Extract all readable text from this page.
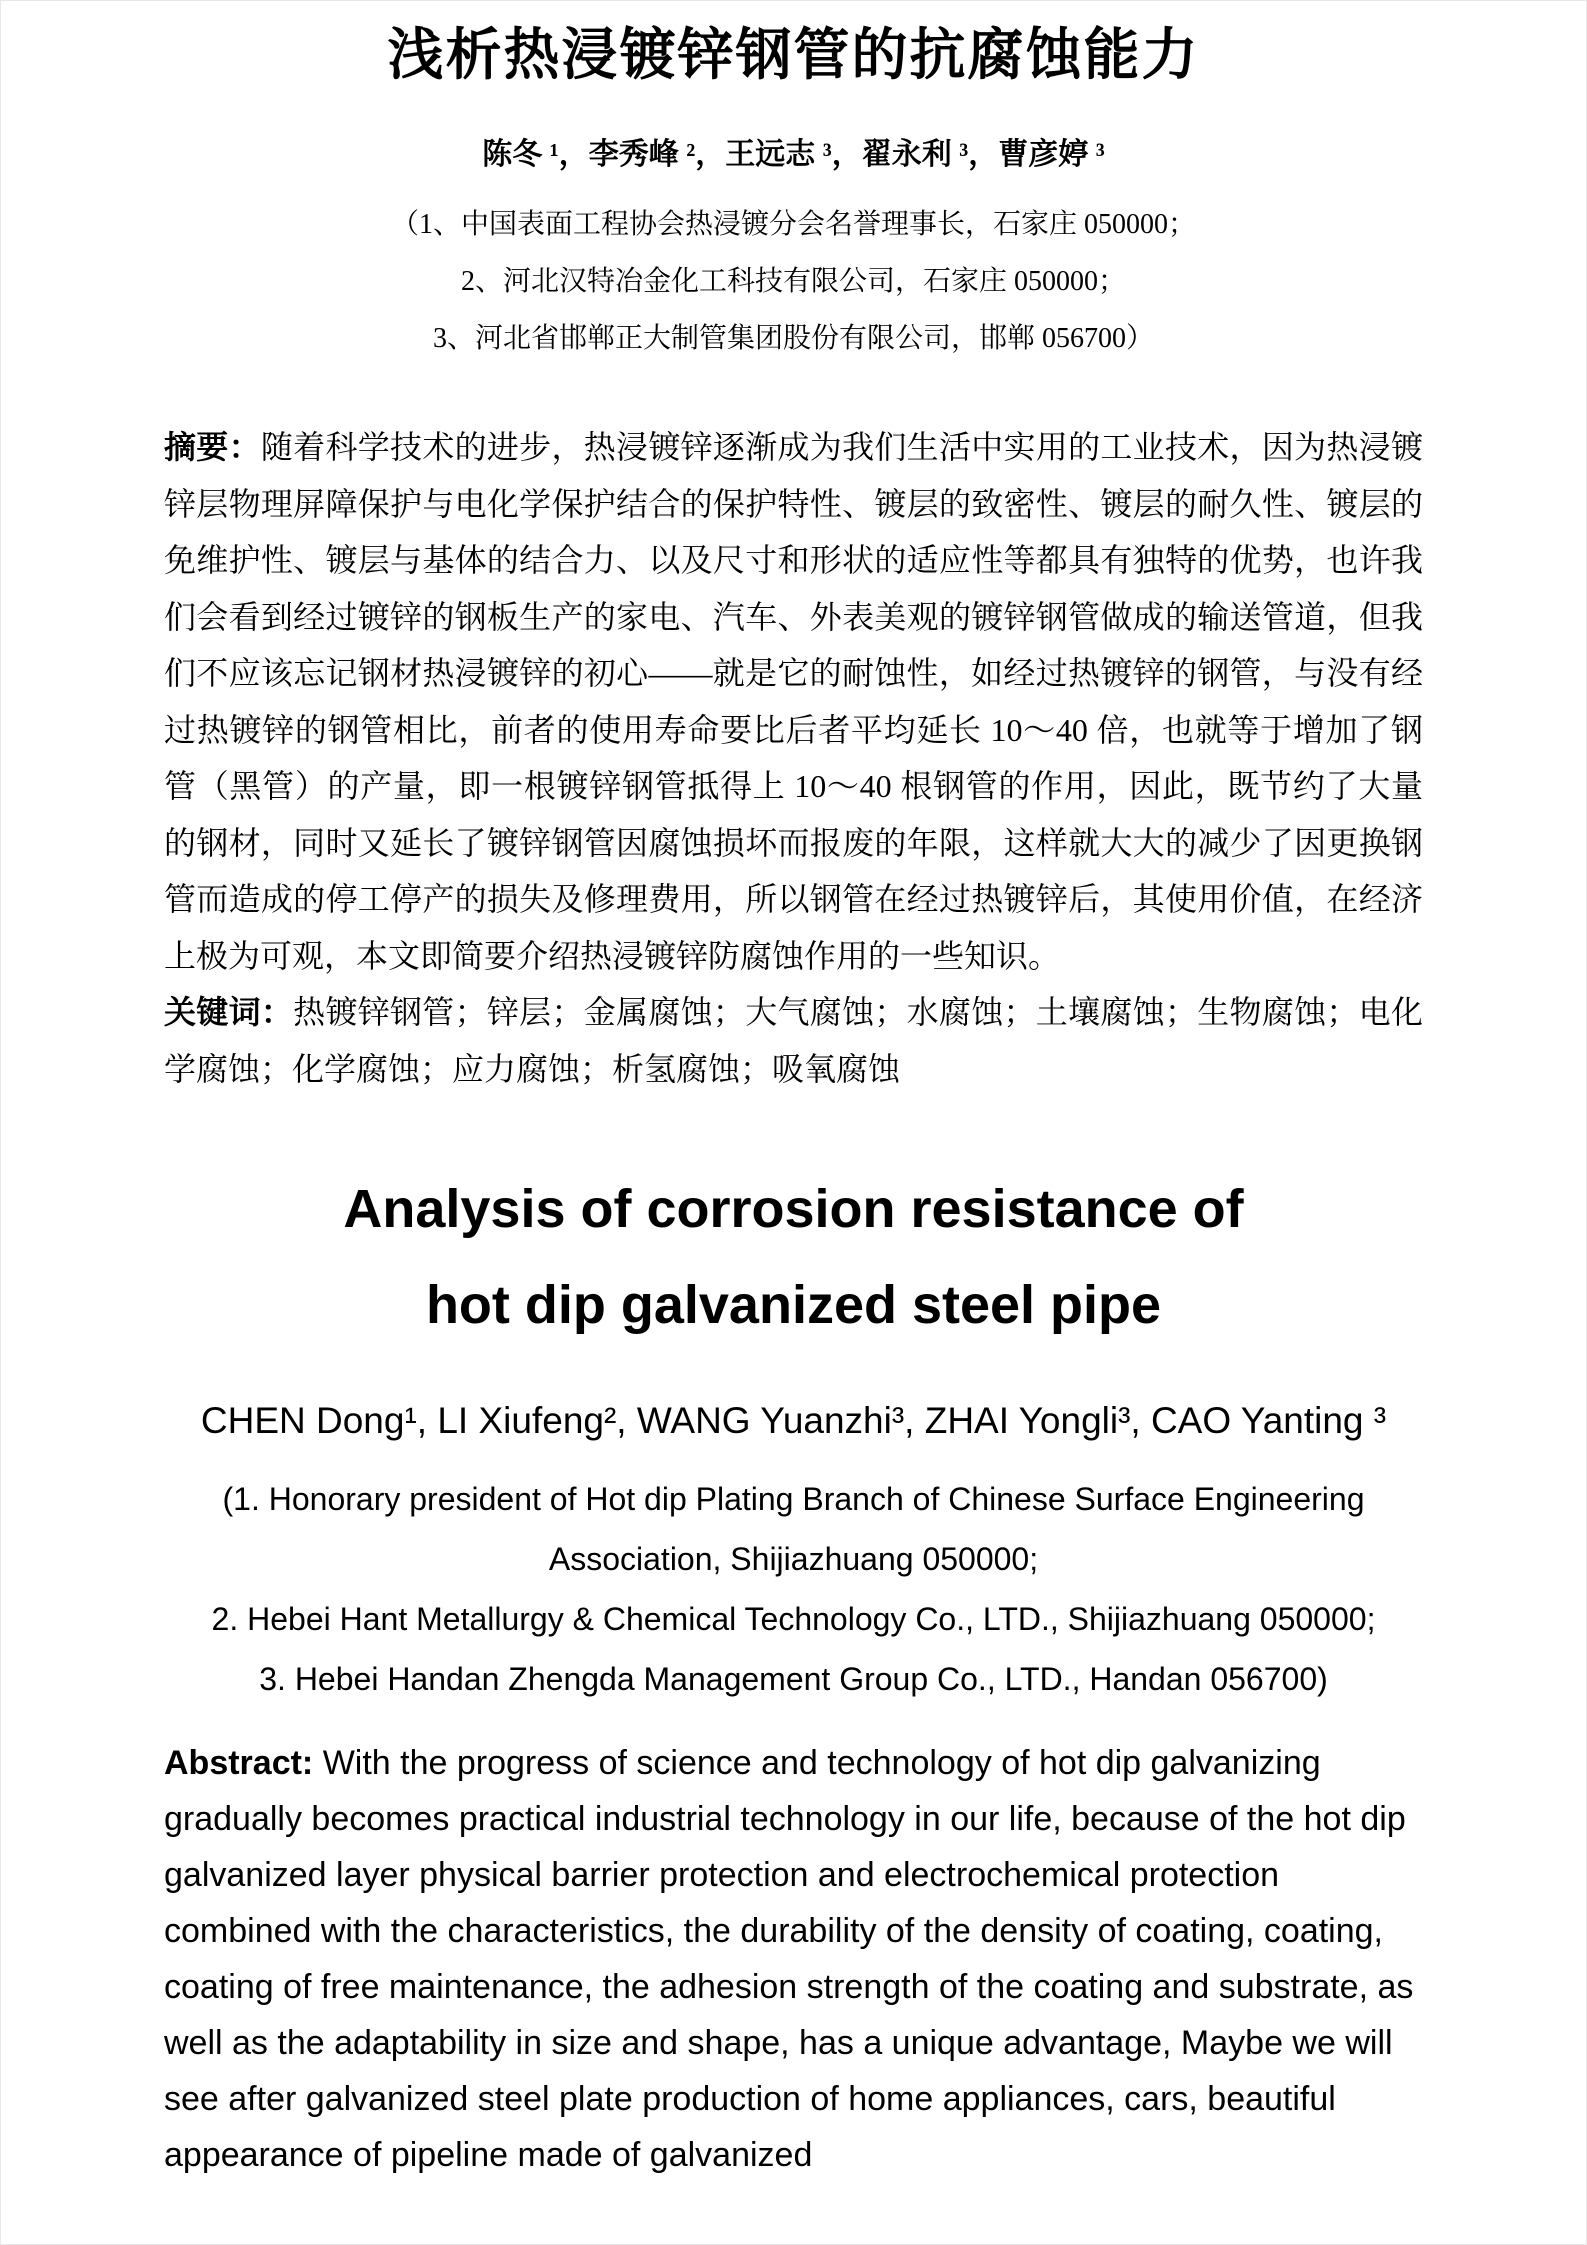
浅析热浸镀锌钢管的抗腐蚀能力

陈冬 ¹，李秀峰 ²，王远志 ³，翟永利 ³，曹彦婷 ³

（1、中国表面工程协会热浸镀分会名誉理事长，石家庄 050000；

2、河北汉特冶金化工科技有限公司，石家庄 050000；

3、河北省邯郸正大制管集团股份有限公司，邯郸 056700）

摘要：随着科学技术的进步，热浸镀锌逐渐成为我们生活中实用的工业技术，因为热浸镀锌层物理屏障保护与电化学保护结合的保护特性、镀层的致密性、镀层的耐久性、镀层的免维护性、镀层与基体的结合力、以及尺寸和形状的适应性等都具有独特的优势，也许我们会看到经过镀锌的钢板生产的家电、汽车、外表美观的镀锌钢管做成的输送管道，但我们不应该忘记钢材热浸镀锌的初心——就是它的耐蚀性，如经过热镀锌的钢管，与没有经过热镀锌的钢管相比，前者的使用寿命要比后者平均延长 10～40 倍，也就等于增加了钢管（黑管）的产量，即一根镀锌钢管抵得上 10～40 根钢管的作用，因此，既节约了大量的钢材，同时又延长了镀锌钢管因腐蚀损坏而报废的年限，这样就大大的减少了因更换钢管而造成的停工停产的损失及修理费用，所以钢管在经过热镀锌后，其使用价值，在经济上极为可观，本文即简要介绍热浸镀锌防腐蚀作用的一些知识。

关键词：热镀锌钢管；锌层；金属腐蚀；大气腐蚀；水腐蚀；土壤腐蚀；生物腐蚀；电化学腐蚀；化学腐蚀；应力腐蚀；析氢腐蚀；吸氧腐蚀

Analysis of corrosion resistance of
hot dip galvanized steel pipe

CHEN Dong¹, LI Xiufeng², WANG Yuanzhi³, ZHAI Yongli³, CAO Yanting ³

(1. Honorary president of Hot dip Plating Branch of Chinese Surface Engineering Association, Shijiazhuang 050000;

2. Hebei Hant Metallurgy & Chemical Technology Co., LTD., Shijiazhuang 050000;

3. Hebei Handan Zhengda Management Group Co., LTD., Handan 056700)

Abstract: With the progress of science and technology of hot dip galvanizing gradually becomes practical industrial technology in our life, because of the hot dip galvanized layer physical barrier protection and electrochemical protection combined with the characteristics, the durability of the density of coating, coating, coating of free maintenance, the adhesion strength of the coating and substrate, as well as the adaptability in size and shape, has a unique advantage, Maybe we will see after galvanized steel plate production of home appliances, cars, beautiful appearance of pipeline made of galvanized
